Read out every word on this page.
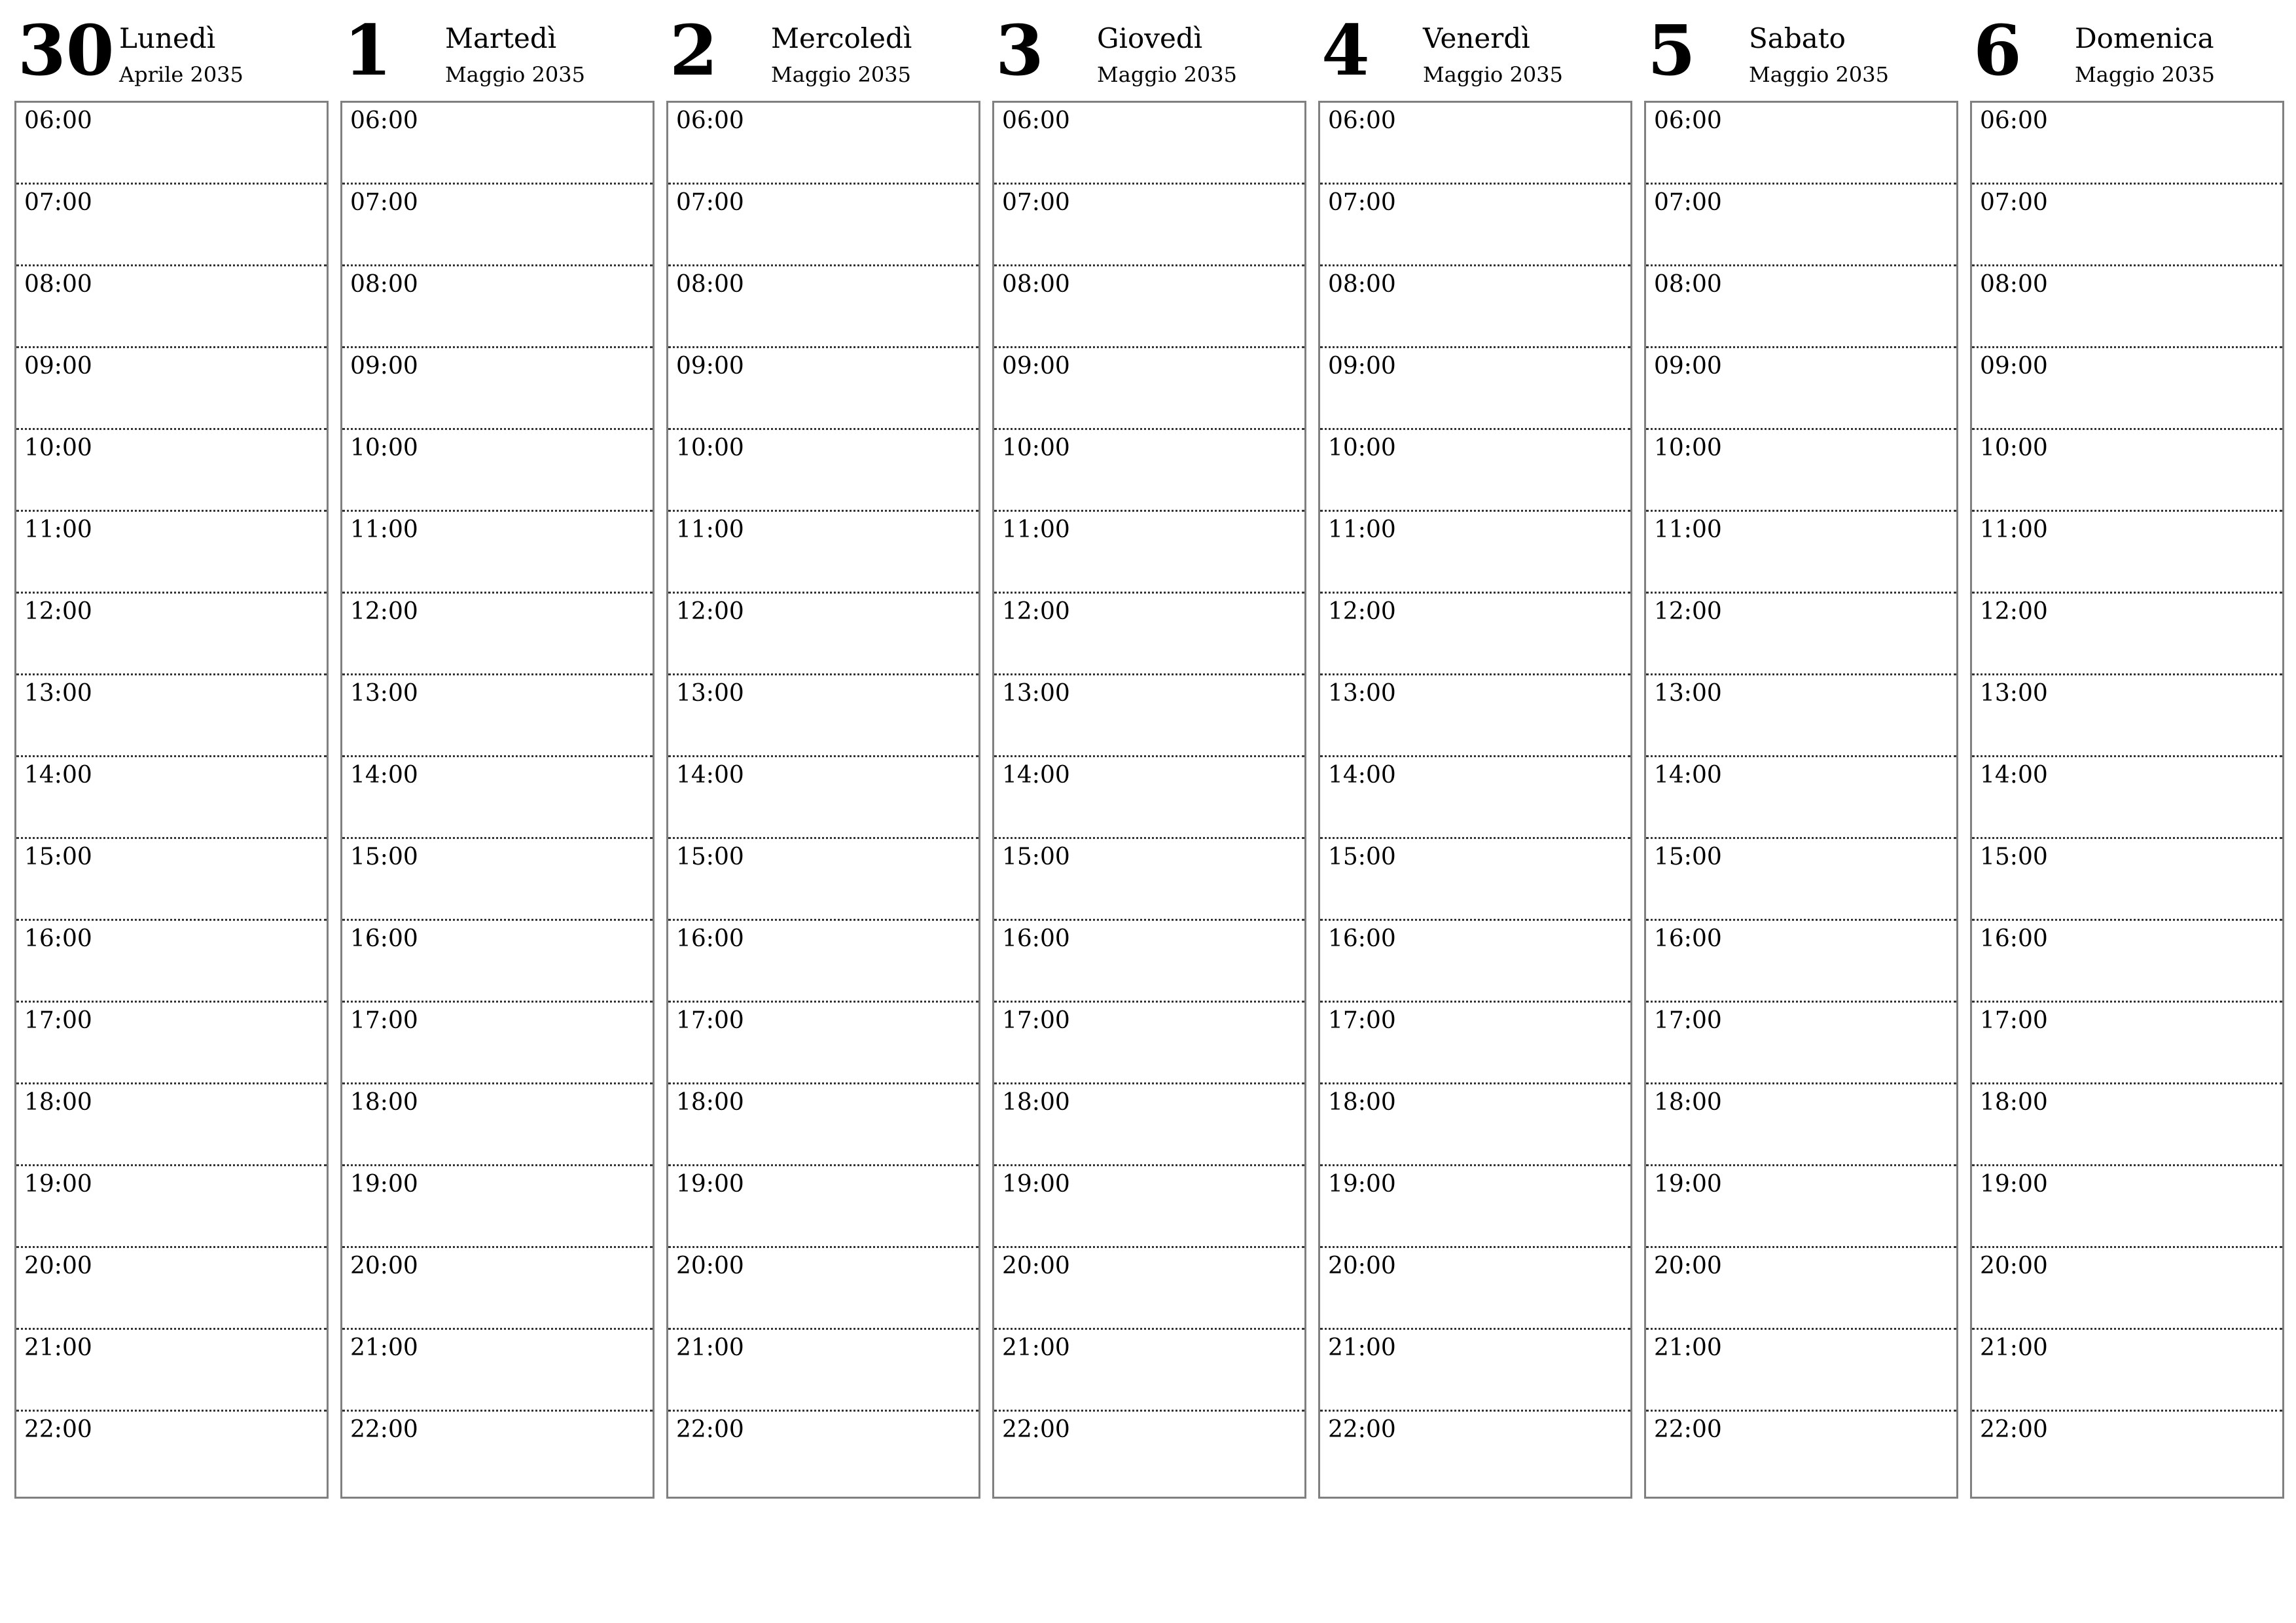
30 Lunedì
Aprile 2035
06:00
07:00
08:00
09:00
10:00
11:00
12:00
13:00
14:00
15:00
16:00
17:00
18:00
19:00
20:00
21:00
22:00
1 Martedì
Maggio 2035
06:00
07:00
08:00
09:00
10:00
11:00
12:00
13:00
14:00
15:00
16:00
17:00
18:00
19:00
20:00
21:00
22:00
2 Mercoledì
Maggio 2035
06:00
07:00
08:00
09:00
10:00
11:00
12:00
13:00
14:00
15:00
16:00
17:00
18:00
19:00
20:00
21:00
22:00
3 Giovedì
Maggio 2035
06:00
07:00
08:00
09:00
10:00
11:00
12:00
13:00
14:00
15:00
16:00
17:00
18:00
19:00
20:00
21:00
22:00
4 Venerdì
Maggio 2035
06:00
07:00
08:00
09:00
10:00
11:00
12:00
13:00
14:00
15:00
16:00
17:00
18:00
19:00
20:00
21:00
22:00
5 Sabato
Maggio 2035
06:00
07:00
08:00
09:00
10:00
11:00
12:00
13:00
14:00
15:00
16:00
17:00
18:00
19:00
20:00
21:00
22:00
6 Domenica
Maggio 2035
06:00
07:00
08:00
09:00
10:00
11:00
12:00
13:00
14:00
15:00
16:00
17:00
18:00
19:00
20:00
21:00
22:00
